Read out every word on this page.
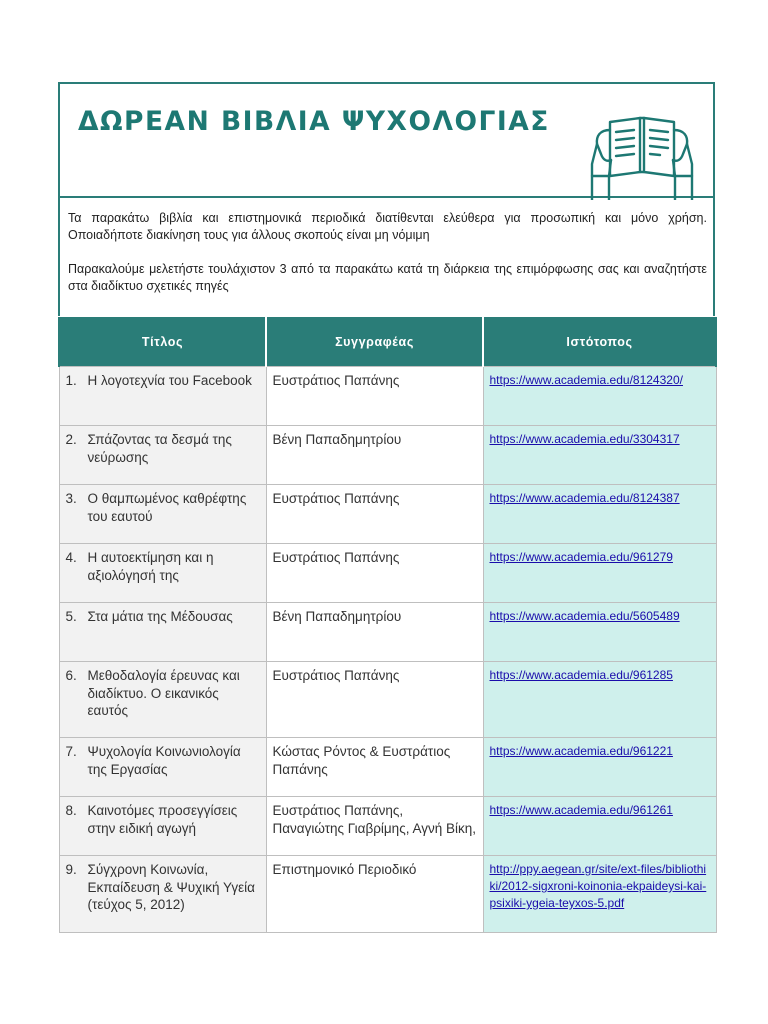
ΔΩΡΕΑΝ ΒΙΒΛΙΑ ΨΥΧΟΛΟΓΙΑΣ

Τα παρακάτω βιβλία και επιστημονικά περιοδικά διατίθενται ελεύθερα για προσωπική και μόνο χρήση. Οποιαδήποτε διακίνηση τους για άλλους σκοπούς είναι μη νόμιμη

Παρακαλούμε μελετήστε τουλάχιστον 3 από τα παρακάτω κατά τη διάρκεια της επιμόρφωσης σας και αναζητήστε στα διαδίκτυο σχετικές πηγές

Τίτλος	Συγγραφέας	Ιστότοπος

1. Η λογοτεχνία του Facebook	Ευστράτιος Παπάνης	https://www.academia.edu/8124320/

2. Σπάζοντας τα δεσμά της νεύρωσης	Βένη Παπαδημητρίου	https://www.academia.edu/3304317

3. Ο θαμπωμένος καθρέφτης του εαυτού	Ευστράτιος Παπάνης	https://www.academia.edu/8124387

4. Η αυτοεκτίμηση και η αξιολόγησή της	Ευστράτιος Παπάνης	https://www.academia.edu/961279

5. Στα μάτια της Μέδουσας	Βένη Παπαδημητρίου	https://www.academia.edu/5605489

6. Μεθοδαλογία έρευνας και διαδίκτυο. Ο εικανικός εαυτός	Ευστράτιος Παπάνης	https://www.academia.edu/961285

7. Ψυχολογία Κοινωνιολογία της Εργασίας	Κώστας Ρόντος & Ευστράτιος Παπάνης	https://www.academia.edu/961221

8. Καινοτόμες προσεγγίσεις στην ειδική αγωγή	Ευστράτιος Παπάνης, Παναγιώτης Γιαβρίμης, Αγνή Βίκη,	https://www.academia.edu/961261

9. Σύγχρονη Κοινωνία, Εκπαίδευση & Ψυχική Υγεία (τεύχος 5, 2012)	Επιστημονικό Περιοδικό	http://ppy.aegean.gr/site/ext-files/bibliothiki/2012-sigxroni-koinonia-ekpaideysi-kai-psixiki-ygeia-teyxos-5.pdf
